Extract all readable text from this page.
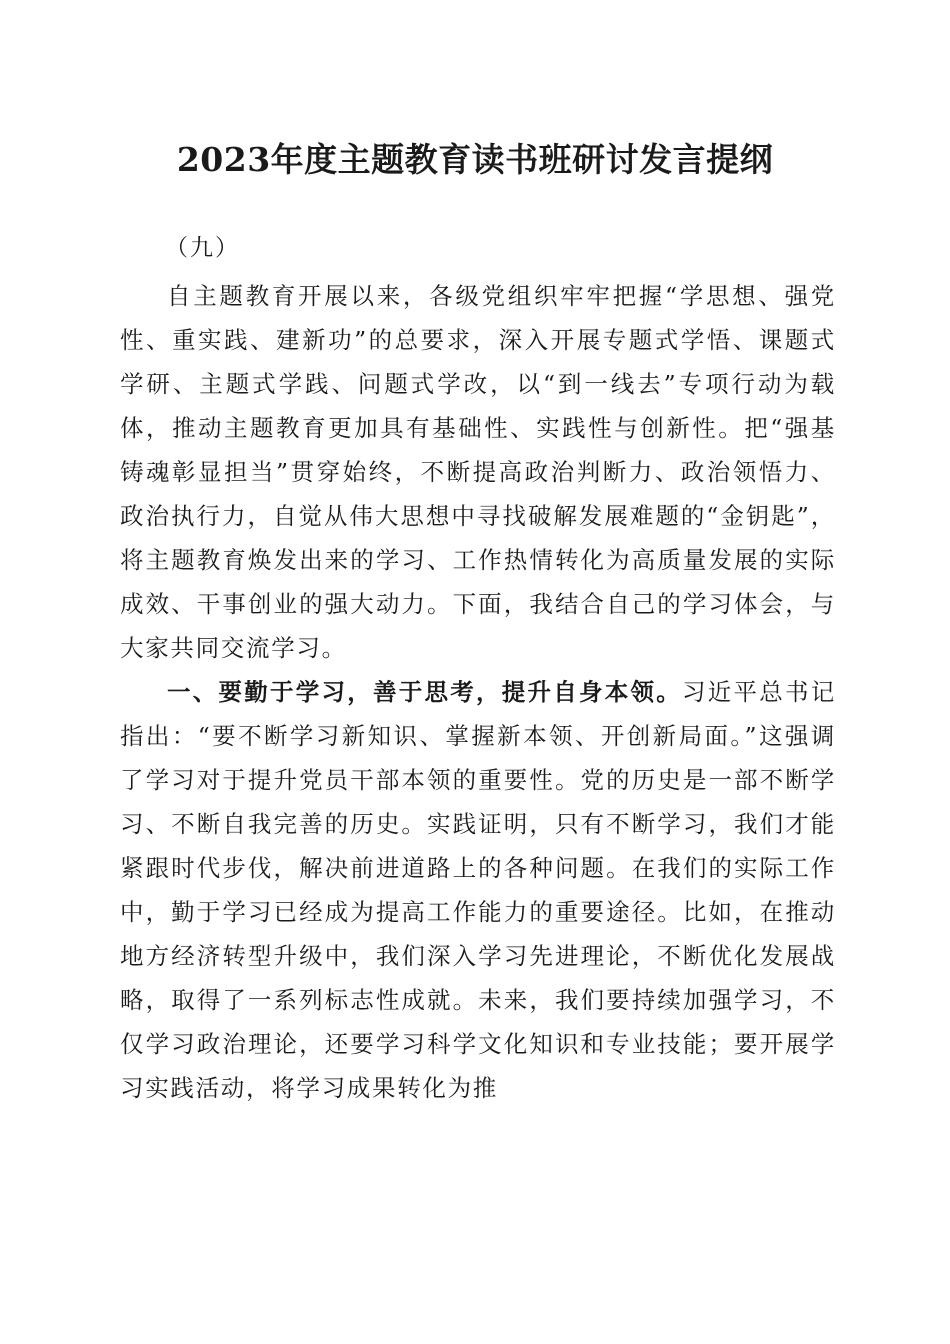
2023年度主题教育读书班研讨发言提纲
（九）

自主题教育开展以来，各级党组织牢牢把握“学思想、强党性、重实践、建新功”的总要求，深入开展专题式学悟、课题式学研、主题式学践、问题式学改，以“到一线去”专项行动为载体，推动主题教育更加具有基础性、实践性与创新性。把“强基铸魂彰显担当”贯穿始终，不断提高政治判断力、政治领悟力、政治执行力，自觉从伟大思想中寻找破解发展难题的“金钥匙”，将主题教育焕发出来的学习、工作热情转化为高质量发展的实际成效、干事创业的强大动力。下面，我结合自己的学习体会，与大家共同交流学习。

一、要勤于学习，善于思考，提升自身本领。习近平总书记指出：“要不断学习新知识、掌握新本领、开创新局面。”这强调了学习对于提升党员干部本领的重要性。党的历史是一部不断学习、不断自我完善的历史。实践证明，只有不断学习，我们才能紧跟时代步伐，解决前进道路上的各种问题。在我们的实际工作中，勤于学习已经成为提高工作能力的重要途径。比如，在推动地方经济转型升级中，我们深入学习先进理论，不断优化发展战略，取得了一系列标志性成就。未来，我们要持续加强学习，不仅学习政治理论，还要学习科学文化知识和专业技能；要开展学习实践活动，将学习成果转化为推
